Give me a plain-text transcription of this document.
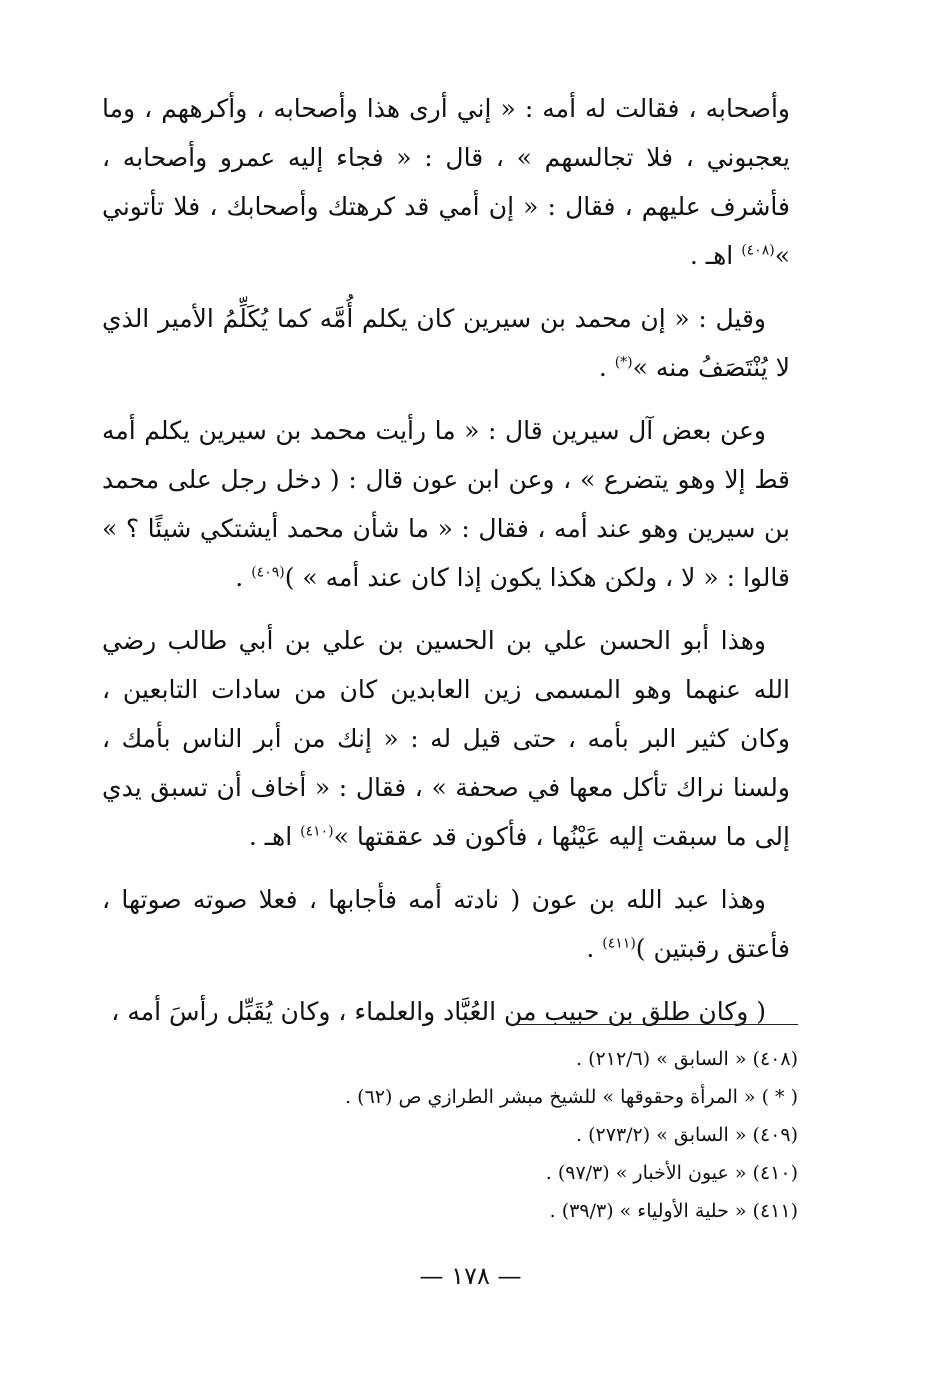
وأصحابه ، فقالت له أمه : « إني أرى هذا وأصحابه ، وأكرههم ، وما يعجبوني ، فلا تجالسهم » ، قال : « فجاء إليه عمرو وأصحابه ، فأشرف عليهم ، فقال : « إن أمي قد كرهتك وأصحابك ، فلا تأتوني »$^{(٤٠٨)}$ اهـ .

وقيل : « إن محمد بن سيرين كان يكلم أُمَّه كما يُكَلِّمُ الأمير الذي لا يُنْتَصَفُ منه »(*) .

وعن بعض آل سيرين قال : « ما رأيت محمد بن سيرين يكلم أمه قط إلا وهو يتضرع » ، وعن ابن عون قال : ( دخل رجل على محمد بن سيرين وهو عند أمه ، فقال : « ما شأن محمد أيشتكي شيئًا ؟ » قالوا : « لا ، ولكن هكذا يكون إذا كان عند أمه » )$^{(٤٠٩)}$ .

وهذا أبو الحسن علي بن الحسين بن علي بن أبي طالب رضي الله عنهما وهو المسمى زين العابدين كان من سادات التابعين ، وكان كثير البر بأمه ، حتى قيل له : « إنك من أبر الناس بأمك ، ولسنا نراك تأكل معها في صحفة » ، فقال : « أخاف أن تسبق يدي إلى ما سبقت إليه عَيْنُها ، فأكون قد عققتها »$^{(٤١٠)}$ اهـ .

وهذا عبد الله بن عون ( نادته أمه فأجابها ، فعلا صوته صوتها ، فأعتق رقبتين )$^{(٤١١)}$ .

( وكان طلق بن حبيب من العُبَّاد والعلماء ، وكان يُقَبِّل رأسَ أمه ،

(٤٠٨) « السابق » (٢١٢/٦) .

( * ) « المرأة وحقوقها » للشيخ مبشر الطرازي ص (٦٢) .

(٤٠٩) « السابق » (٢٧٣/٢) .

(٤١٠) « عيون الأخبار » (٩٧/٣) .

(٤١١) « حلية الأولياء » (٣٩/٣) .

— ١٧٨ —
